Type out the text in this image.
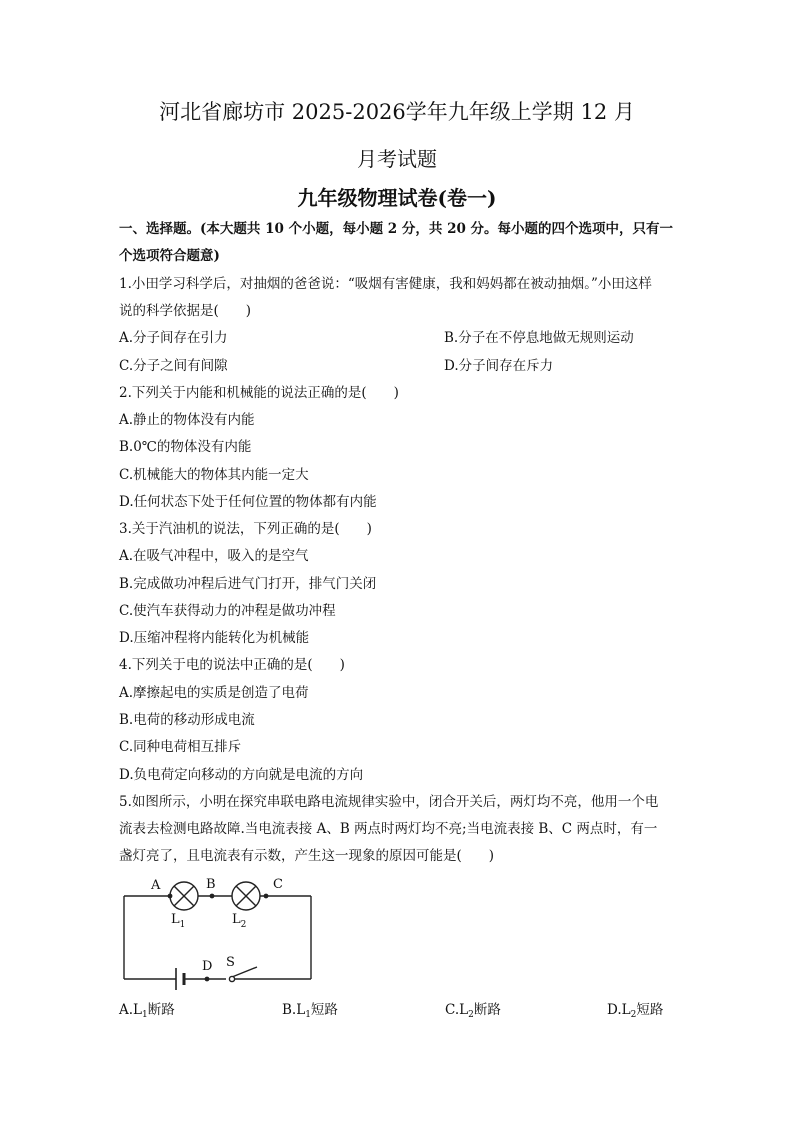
河北省廊坊市 2025-2026学年九年级上学期 12 月
月考试题
九年级物理试卷(卷一)
一、选择题。(本大题共 10 个小题，每小题 2 分，共 20 分。每小题的四个选项中，只有一
个选项符合题意)
1.小田学习科学后，对抽烟的爸爸说：“吸烟有害健康，我和妈妈都在被动抽烟。”小田这样
说的科学依据是(　　)
A.分子间存在引力	B.分子在不停息地做无规则运动
C.分子之间有间隙	D.分子间存在斥力
2.下列关于内能和机械能的说法正确的是(　　)
A.静止的物体没有内能
B.0℃的物体没有内能
C.机械能大的物体其内能一定大
D.任何状态下处于任何位置的物体都有内能
3.关于汽油机的说法，下列正确的是(　　)
A.在吸气冲程中，吸入的是空气
B.完成做功冲程后进气门打开，排气门关闭
C.使汽车获得动力的冲程是做功冲程
D.压缩冲程将内能转化为机械能
4.下列关于电的说法中正确的是(　　)
A.摩擦起电的实质是创造了电荷
B.电荷的移动形成电流
C.同种电荷相互排斥
D.负电荷定向移动的方向就是电流的方向
5.如图所示，小明在探究串联电路电流规律实验中，闭合开关后，两灯均不亮，他用一个电
流表去检测电路故障.当电流表接 A、B 两点时两灯均不亮;当电流表接 B、C 两点时，有一
盏灯亮了，且电流表有示数，产生这一现象的原因可能是(　　)
A	B	C
D S
$L_1$	$L_2$
$A.L_1$断路	$B.L_1$短路	$C.L_2$断路	$D.L_2$短路
